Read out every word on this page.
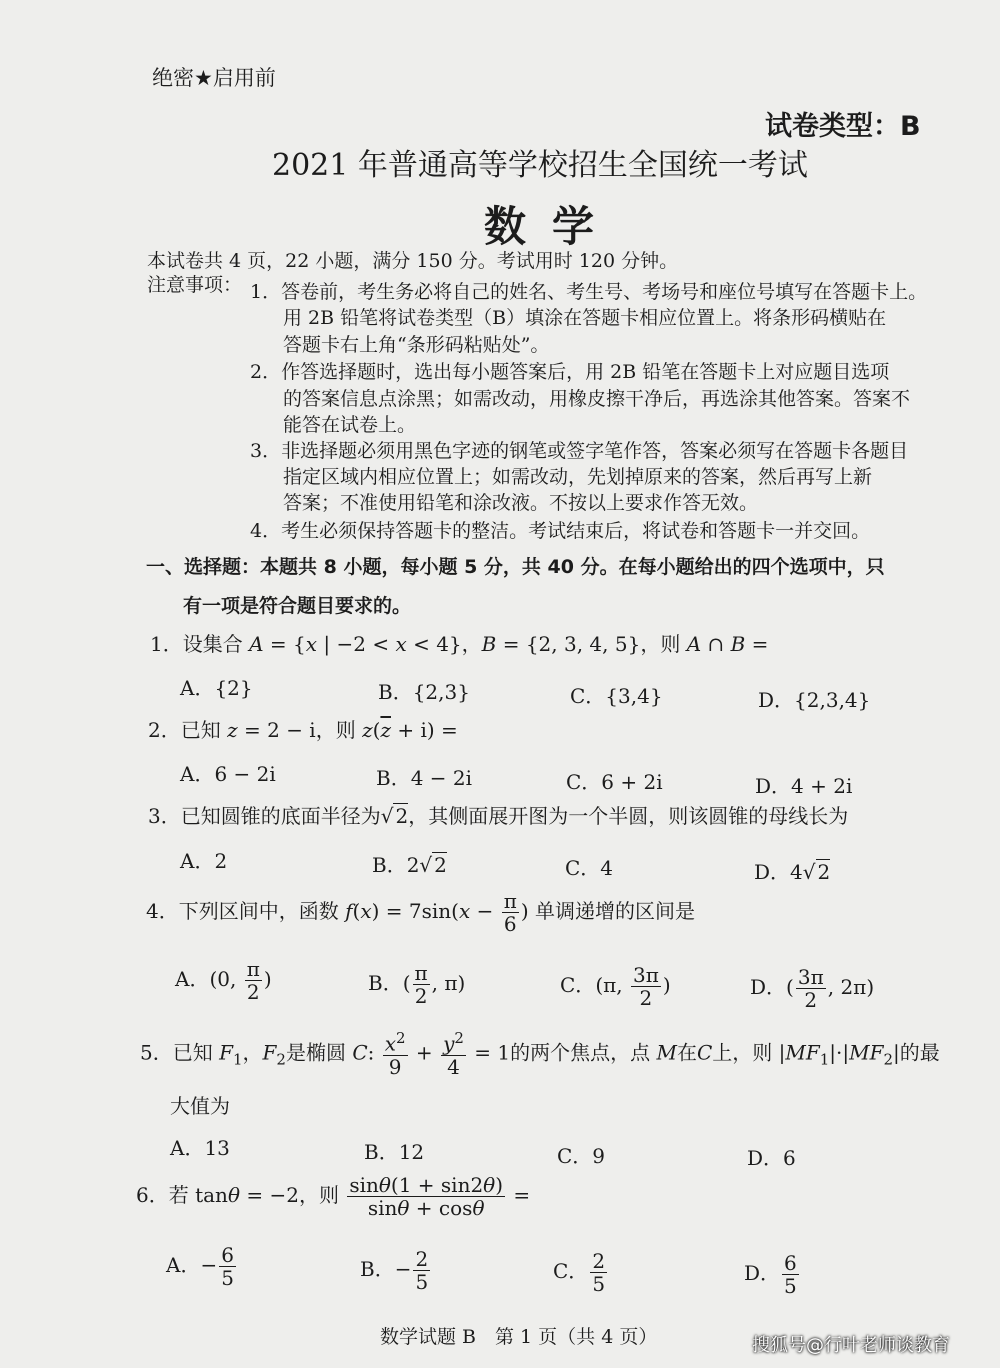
绝密★启用前
试卷类型：B
2021 年普通高等学校招生全国统一考试
数学
本试卷共 4 页，22 小题，满分 150 分。考试用时 120 分钟。
注意事项： 1．答卷前，考生务必将自己的姓名、考生号、考场号和座位号填写在答题卡上。
用 2B 铅笔将试卷类型（B）填涂在答题卡相应位置上。将条形码横贴在
答题卡右上角“条形码粘贴处”。
2．作答选择题时，选出每小题答案后，用 2B 铅笔在答题卡上对应题目选项
的答案信息点涂黑；如需改动，用橡皮擦干净后，再选涂其他答案。答案不
能答在试卷上。
3．非选择题必须用黑色字迹的钢笔或签字笔作答，答案必须写在答题卡各题目
指定区域内相应位置上；如需改动，先划掉原来的答案，然后再写上新
答案；不准使用铅笔和涂改液。不按以上要求作答无效。
4．考生必须保持答题卡的整洁。考试结束后，将试卷和答题卡一并交回。
一、选择题：本题共 8 小题，每小题 5 分，共 40 分。在每小题给出的四个选项中，只
有一项是符合题目要求的。
1．设集合 A = {x | −2 < x < 4}，B = {2, 3, 4, 5}，则 A ∩ B =
A．{2}	B．{2,3}	C．{3,4}	D．{2,3,4}
2．已知 z = 2 − i，则 $z(\overline{z} + i)$ =
A．6 − 2i	B．4 − 2i	C．6 + 2i	D．4 + 2i
3．已知圆锥的底面半径为√ 2，其侧面展开图为一个半圆，则该圆锥的母线长为
A．2	B．2√ 2	C．4	D．4√ 2
4．下列区间中，函数 $f(x) = 7\sin(x - \frac{\pi}{6}$ ) 单调递增的区间是
A．(0, $\frac{\pi}{2}$ )	B．( $\frac{\pi}{2}$ , π)	C．(π, $\frac{3\pi}{2}$ )	D．( $\frac{3\pi}{2}$ , 2π)
5．已知 $F_1$，$F_2$是椭圆 C: $\frac{x^2}{9} + \frac{y^2}{4} = 1$的两个焦点，点 M在C上，则 $|MF_1|\cdot|MF_2|$的最
大值为
A．13	B．12	C．9	D．6
6．若 tanθ = −2，则 $\frac{\sin\theta(1 + \sin 2\theta)}{\sin\theta + \cos\theta}$ =
A．− $\frac{6}{5}$	B．− $\frac{2}{5}$	C． $\frac{2}{5}$	D． $\frac{6}{5}$
数学试题 B　第 1 页（共 4 页）	搜狐号@行叶老师谈教育
